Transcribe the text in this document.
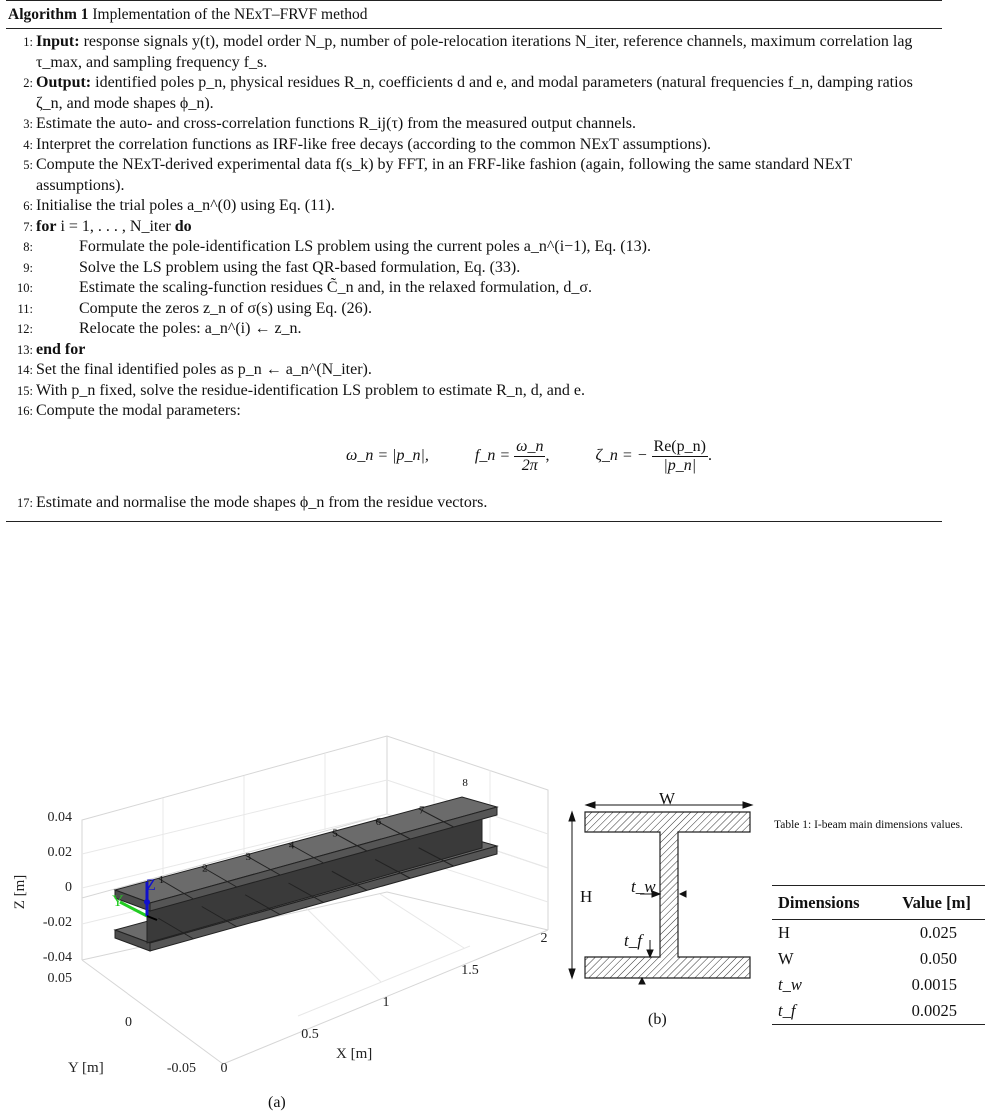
Algorithm 1 Implementation of the NExT–FRVF method
1: Input: response signals y(t), model order N_p, number of pole-relocation iterations N_iter, reference channels, maximum correlation lag τ_max, and sampling frequency f_s.
2: Output: identified poles p_n, physical residues R_n, coefficients d and e, and modal parameters (natural frequencies f_n, damping ratios ζ_n, and mode shapes ϕ_n).
3: Estimate the auto- and cross-correlation functions R_ij(τ) from the measured output channels.
4: Interpret the correlation functions as IRF-like free decays (according to the common NExT assumptions).
5: Compute the NExT-derived experimental data f(s_k) by FFT, in an FRF-like fashion (again, following the same standard NExT assumptions).
6: Initialise the trial poles a_n^(0) using Eq. (11).
7: for i = 1, . . . , N_iter do
8:	Formulate the pole-identification LS problem using the current poles a_n^(i−1), Eq. (13).
9:	Solve the LS problem using the fast QR-based formulation, Eq. (33).
10:	Estimate the scaling-function residues C̃_n and, in the relaxed formulation, d_σ.
11:	Compute the zeros z_n of σ(s) using Eq. (26).
12:	Relocate the poles: a_n^(i) ← z_n.
13: end for
14: Set the final identified poles as p_n ← a_n^(N_iter).
15: With p_n fixed, solve the residue-identification LS problem to estimate R_n, d, and e.
16: Compute the modal parameters:
ω_n = |p_n|,	f_n = $\frac{\omega\_n}{2\pi}$ ,	ζ_n = − $\frac{Re(p\_n)}{|p\_n|}$ .
17: Estimate and normalise the mode shapes ϕ_n from the residue vectors.
1
2
3
4
5
6
7
8
Y
Z
0.04
0.02
0
-0.02
-0.04
0.05
0
-0.05 0
0.5
1
1.5
2
Z [m]
Y [m]
X [m]
(a)
W
H
t_w
t_f
(b)
Table 1: I-beam main dimensions values.
Dimensions	Value [m]
H	0.025
W	0.050
t_w	0.0015
t_f	0.0025
